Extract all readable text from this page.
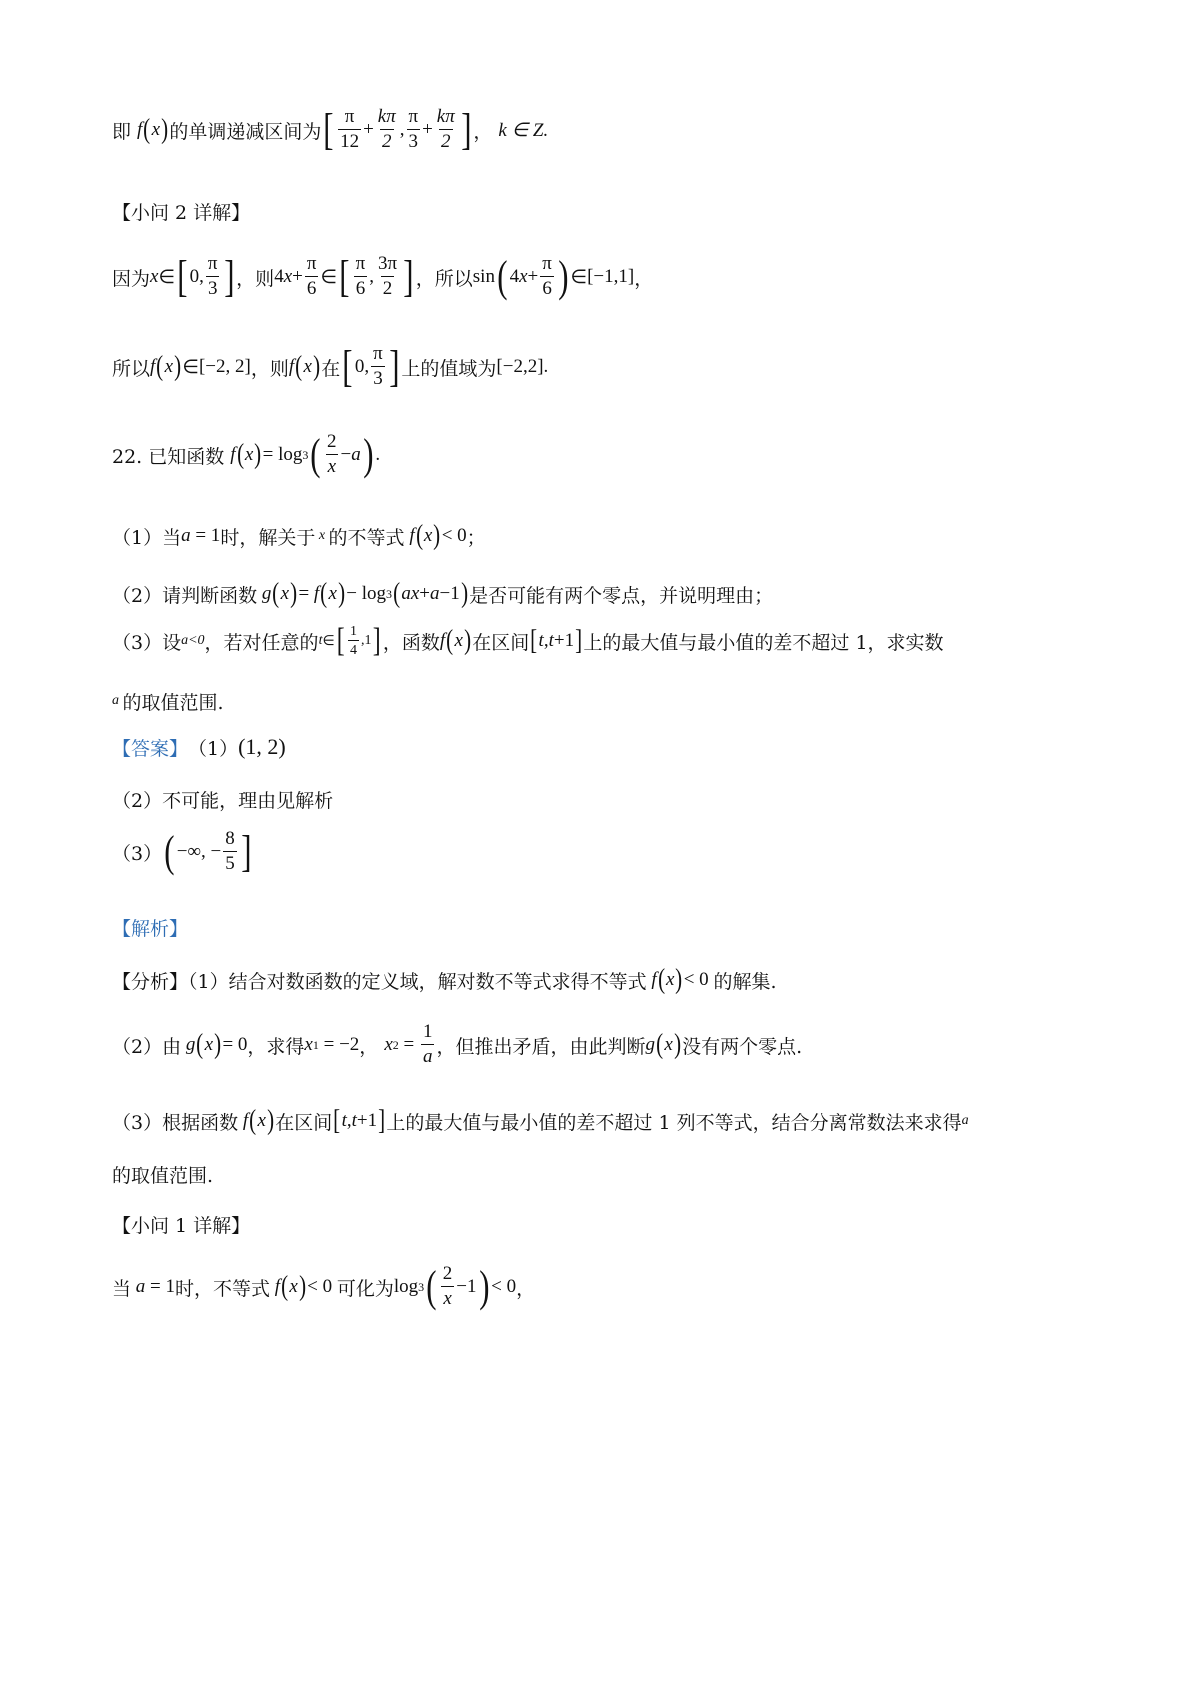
即 f ( x ) 的单调递减区间为 [ $\frac{\pi}{12} + \frac{k\pi}{2}$ , $\frac{\pi}{3} + \frac{k\pi}{2}$ ] ， k ∈ Z.
【小问 2 详解】
因为 x ∈ [ 0, $\frac{\pi}{3}$ ] ，则 4 $x + \frac{\pi}{6}$ ∈ [ $\frac{\pi}{6}$ , $\frac{3\pi}{2}$ ] ，所以 sin ( 4 $x + \frac{\pi}{6}$ ) ∈ [−1,1] ，
所以 f ( x ) ∈ [−2, 2] ，则 f ( x ) 在 [ 0, $\frac{\pi}{3}$ ] 上的值域为 [−2,2].
22. 已知函数 f ( x ) = log 3 ( $\frac{2}{x} - a$ ) .
（1）当 a = 1 时，解关于 x 的不等式 f ( x ) < 0 ；
（2）请判断函数 g ( x ) = f ( x ) − log 3 ( ax + a −1 ) 是否可能有两个零点，并说明理由；
（3）设 a<0 ，若对任意的 t ∈ [ $\frac{1}{4} ,1$ ] ，函数 f ( x ) 在区间 [ t , t +1 ] 上的最大值与最小值的差不超过 1，求实数
a 的取值范围.
【答案】 （1） (1, 2)
（2）不可能，理由见解析
（3） ( −∞, − $\frac{8}{5}$ ]
【解析】
【分析】（1）结合对数函数的定义域，解对数不等式求得不等式 f ( x ) < 0 的解集.
（2）由 g ( x ) = 0 ，求得 x 1 = −2 ， x $2 = \frac{1}{a}$ ，但推出矛盾，由此判断 g ( x ) 没有两个零点.
（3）根据函数 f ( x ) 在区间 [ t , t +1 ] 上的最大值与最小值的差不超过 1 列不等式，结合分离常数法来求得 a
的取值范围.
【小问 1 详解】
当 a = 1 时，不等式 f ( x ) < 0 可化为 log 3 ( $\frac{2}{x} -1$ ) < 0 ，
